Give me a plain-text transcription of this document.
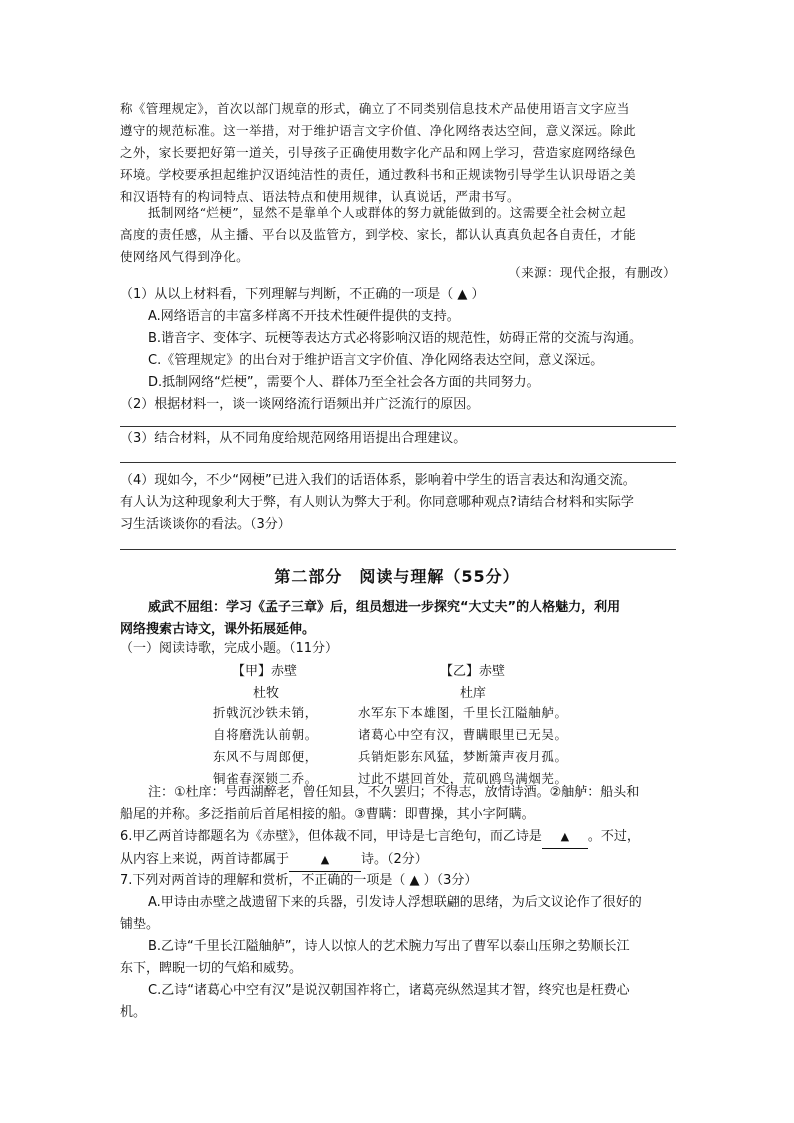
称《管理规定》，首次以部门规章的形式，确立了不同类别信息技术产品使用语言文字应当
遵守的规范标准。这一举措，对于维护语言文字价值、净化网络表达空间，意义深远。除此
之外，家长要把好第一道关，引导孩子正确使用数字化产品和网上学习，营造家庭网络绿色
环境。学校要承担起维护汉语纯洁性的责任，通过教科书和正规读物引导学生认识母语之美
和汉语特有的构词特点、语法特点和使用规律，认真说话，严肃书写。
抵制网络“烂梗”，显然不是靠单个人或群体的努力就能做到的。这需要全社会树立起
高度的责任感，从主播、平台以及监管方，到学校、家长，都认认真真负起各自责任，才能
使网络风气得到净化。
（来源：现代企报，有删改）
（1）从以上材料看，下列理解与判断，不正确的一项是（ ▲ ）
A.网络语言的丰富多样离不开技术性硬件提供的支持。
B.谐音字、变体字、玩梗等表达方式必将影响汉语的规范性，妨碍正常的交流与沟通。
C.《管理规定》的出台对于维护语言文字价值、净化网络表达空间，意义深远。
D.抵制网络“烂梗”，需要个人、群体乃至全社会各方面的共同努力。
（2）根据材料一，谈一谈网络流行语频出并广泛流行的原因。
（3）结合材料，从不同角度给规范网络用语提出合理建议。
（4）现如今，不少“网梗”已进入我们的话语体系，影响着中学生的语言表达和沟通交流。
有人认为这种现象利大于弊，有人则认为弊大于利。你同意哪种观点?请结合材料和实际学
习生活谈谈你的看法。（3分）
第二部分　阅读与理解（55分）
威武不屈组：学习《孟子三章》后，组员想进一步探究“大丈夫”的人格魅力，利用
网络搜索古诗文，课外拓展延伸。
（一）阅读诗歌，完成小题。（11分）
【甲】赤壁
杜牧
折戟沉沙铁未销，
自将磨洗认前朝。
东风不与周郎便，
铜雀春深锁二乔。
【乙】赤壁
杜庠
水军东下本雄图，千里长江隘舳舻。
诸葛心中空有汉，曹瞒眼里已无吴。
兵销炬影东风猛，梦断箫声夜月孤。
过此不堪回首处，荒矶鸥鸟满烟芜。
注：①杜庠：号西湖醉老，曾任知县，不久罢归；不得志，放情诗酒。②舳舻：船头和
船尾的并称。多泛指前后首尾相接的船。③曹瞒：即曹操，其小字阿瞒。
6.甲乙两首诗都题名为《赤壁》，但体裁不同，甲诗是七言绝句，而乙诗是 ▲ 。不过，
从内容上来说，两首诗都属于	▲ 诗。（2分）
7.下列对两首诗的理解和赏析，不正确的一项是（ ▲ ）（3分）
A.甲诗由赤壁之战遗留下来的兵器，引发诗人浮想联翩的思绪，为后文议论作了很好的
铺垫。
B.乙诗“千里长江隘舳舻”，诗人以惊人的艺术腕力写出了曹军以泰山压卵之势顺长江
东下，睥睨一切的气焰和威势。
C.乙诗“诸葛心中空有汉”是说汉朝国祚将亡，诸葛亮纵然逞其才智，终究也是枉费心
机。
